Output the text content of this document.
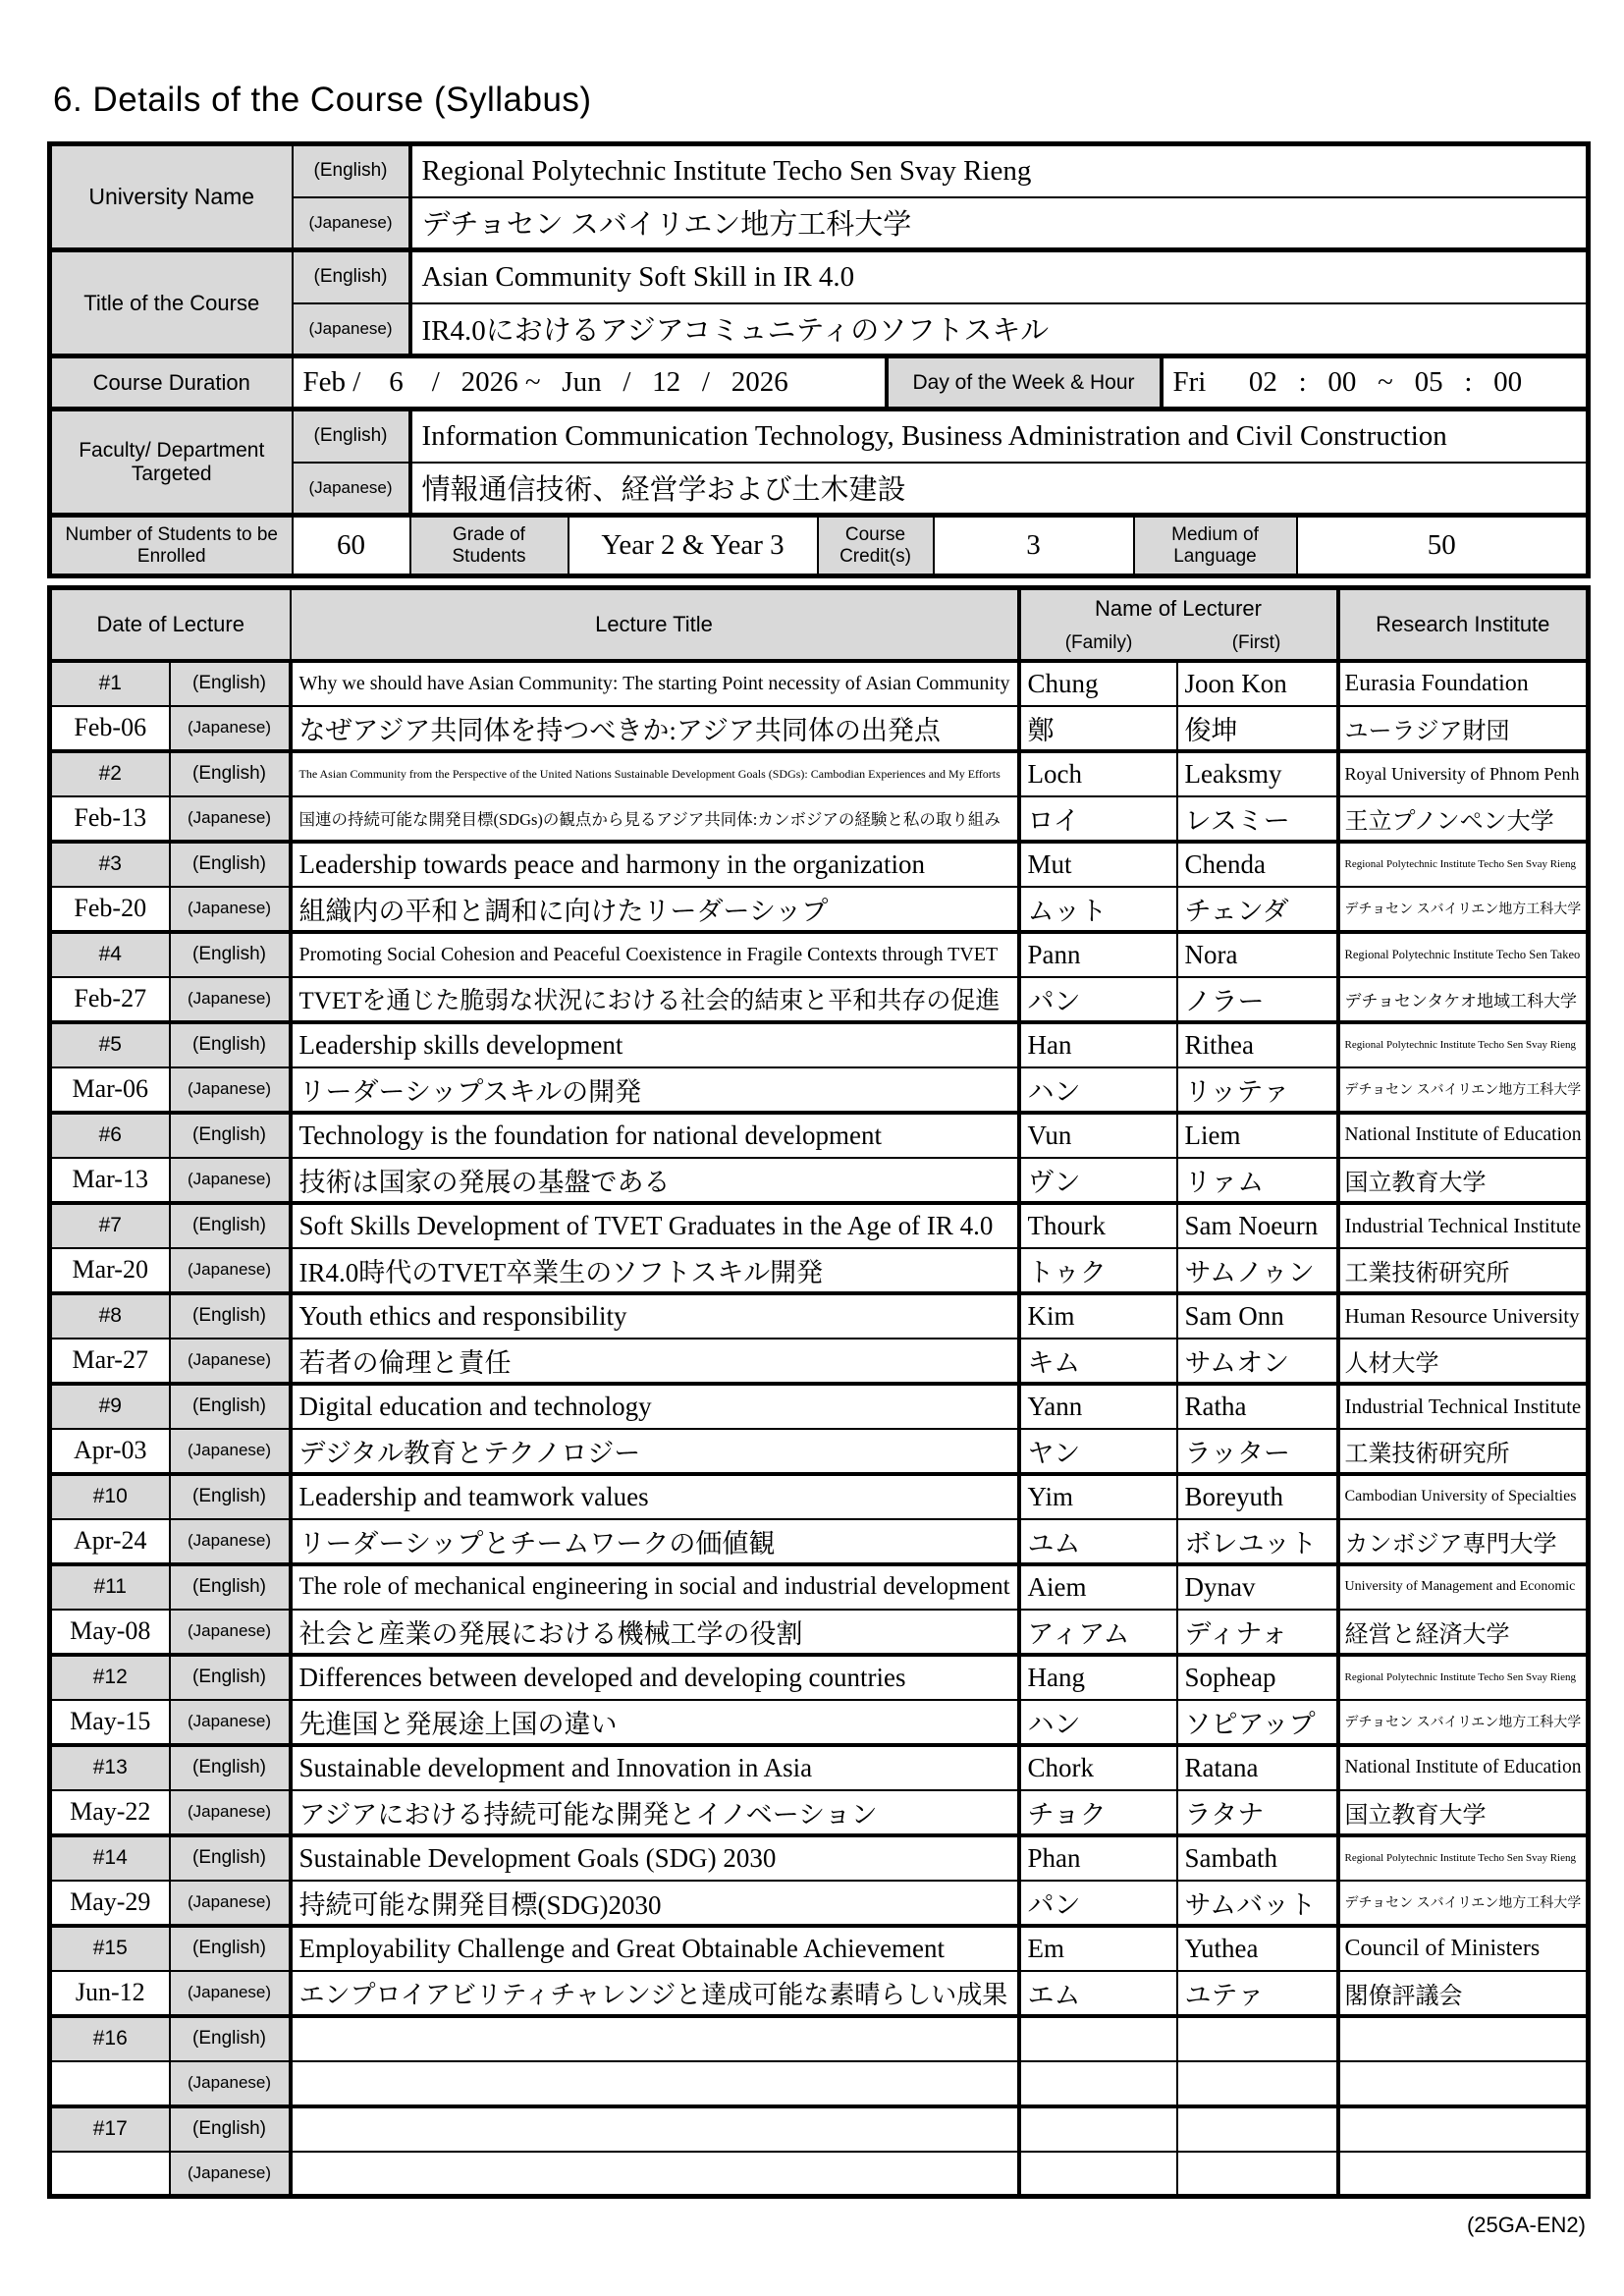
6. Details of the Course (Syllabus)
University Name	(English)	Regional Polytechnic Institute Techo Sen Svay Rieng
	(Japanese)	デチョセン スバイリエン地方工科大学
Title of the Course	(English)	Asian Community Soft Skill in IR 4.0
	(Japanese)	IR4.0におけるアジアコミュニティのソフトスキル
Course Duration	Feb /    6    /   2026 ~   Jun   /   12   /   2026	Day of the Week & Hour	Fri      02   :   00   ~   05   :   00
Faculty/ Department Targeted	(English)	Information Communication Technology, Business Administration and Civil Construction
	(Japanese)	情報通信技術、経営学および土木建設
Number of Students to be Enrolled	60	Grade of Students	Year 2 & Year 3	Course Credit(s)	3	Medium of Language	50
Date of Lecture		Lecture Title	Name of Lecturer		Research Institute
			(Family)	(First)	
#1	(English)	Why we should have Asian Community: The starting Point necessity of Asian Community	Chung	Joon Kon	Eurasia Foundation
Feb-06	(Japanese)	なぜアジア共同体を持つべきか:アジア共同体の出発点	鄭	俊坤	ユーラジア財団
#2	(English)	The Asian Community from the Perspective of the United Nations Sustainable Development Goals (SDGs): Cambodian Experiences and My Efforts	Loch	Leaksmy	Royal University of Phnom Penh
Feb-13	(Japanese)	国連の持続可能な開発目標(SDGs)の観点から見るアジア共同体:カンボジアの経験と私の取り組み	ロイ	レスミー	王立プノンペン大学
#3	(English)	Leadership towards peace and harmony in the organization	Mut	Chenda	Regional Polytechnic Institute Techo Sen Svay Rieng
Feb-20	(Japanese)	組織内の平和と調和に向けたリーダーシップ	ムット	チェンダ	デチョセン スバイリエン地方工科大学
#4	(English)	Promoting Social Cohesion and Peaceful Coexistence in Fragile Contexts through TVET	Pann	Nora	Regional Polytechnic Institute Techo Sen Takeo
Feb-27	(Japanese)	TVETを通じた脆弱な状況における社会的結束と平和共存の促進	パン	ノラー	デチョセンタケオ地域工科大学
#5	(English)	Leadership skills development	Han	Rithea	Regional Polytechnic Institute Techo Sen Svay Rieng
Mar-06	(Japanese)	リーダーシップスキルの開発	ハン	リッテァ	デチョセン スバイリエン地方工科大学
#6	(English)	Technology is the foundation for national development	Vun	Liem	National Institute of Education
Mar-13	(Japanese)	技術は国家の発展の基盤である	ヴン	リァム	国立教育大学
#7	(English)	Soft Skills Development of TVET Graduates in the Age of IR 4.0	Thourk	Sam Noeurn	Industrial Technical Institute
Mar-20	(Japanese)	IR4.0時代のTVET卒業生のソフトスキル開発	トゥク	サムノゥン	工業技術研究所
#8	(English)	Youth ethics and responsibility	Kim	Sam Onn	Human Resource University
Mar-27	(Japanese)	若者の倫理と責任	キム	サムオン	人材大学
#9	(English)	Digital education and technology	Yann	Ratha	Industrial Technical Institute
Apr-03	(Japanese)	デジタル教育とテクノロジー	ヤン	ラッター	工業技術研究所
#10	(English)	Leadership and teamwork values	Yim	Boreyuth	Cambodian University of Specialties
Apr-24	(Japanese)	リーダーシップとチームワークの価値観	ユム	ボレユット	カンボジア専門大学
#11	(English)	The role of mechanical engineering in social and industrial development	Aiem	Dynav	University of Management and Economic
May-08	(Japanese)	社会と産業の発展における機械工学の役割	アィアム	ディナォ	経営と経済大学
#12	(English)	Differences between developed and developing countries	Hang	Sopheap	Regional Polytechnic Institute Techo Sen Svay Rieng
May-15	(Japanese)	先進国と発展途上国の違い	ハン	ソピアップ	デチョセン スバイリエン地方工科大学
#13	(English)	Sustainable development and Innovation in Asia	Chork	Ratana	National Institute of Education
May-22	(Japanese)	アジアにおける持続可能な開発とイノベーション	チョク	ラタナ	国立教育大学
#14	(English)	Sustainable Development Goals (SDG) 2030	Phan	Sambath	Regional Polytechnic Institute Techo Sen Svay Rieng
May-29	(Japanese)	持続可能な開発目標(SDG)2030	パン	サムバット	デチョセン スバイリエン地方工科大学
#15	(English)	Employability Challenge and Great Obtainable Achievement	Em	Yuthea	Council of Ministers
Jun-12	(Japanese)	エンプロイアビリティチャレンジと達成可能な素晴らしい成果	エム	ユテァ	閣僚評議会
#16	(English)				
	(Japanese)				
#17	(English)				
	(Japanese)				
(25GA-EN2)
